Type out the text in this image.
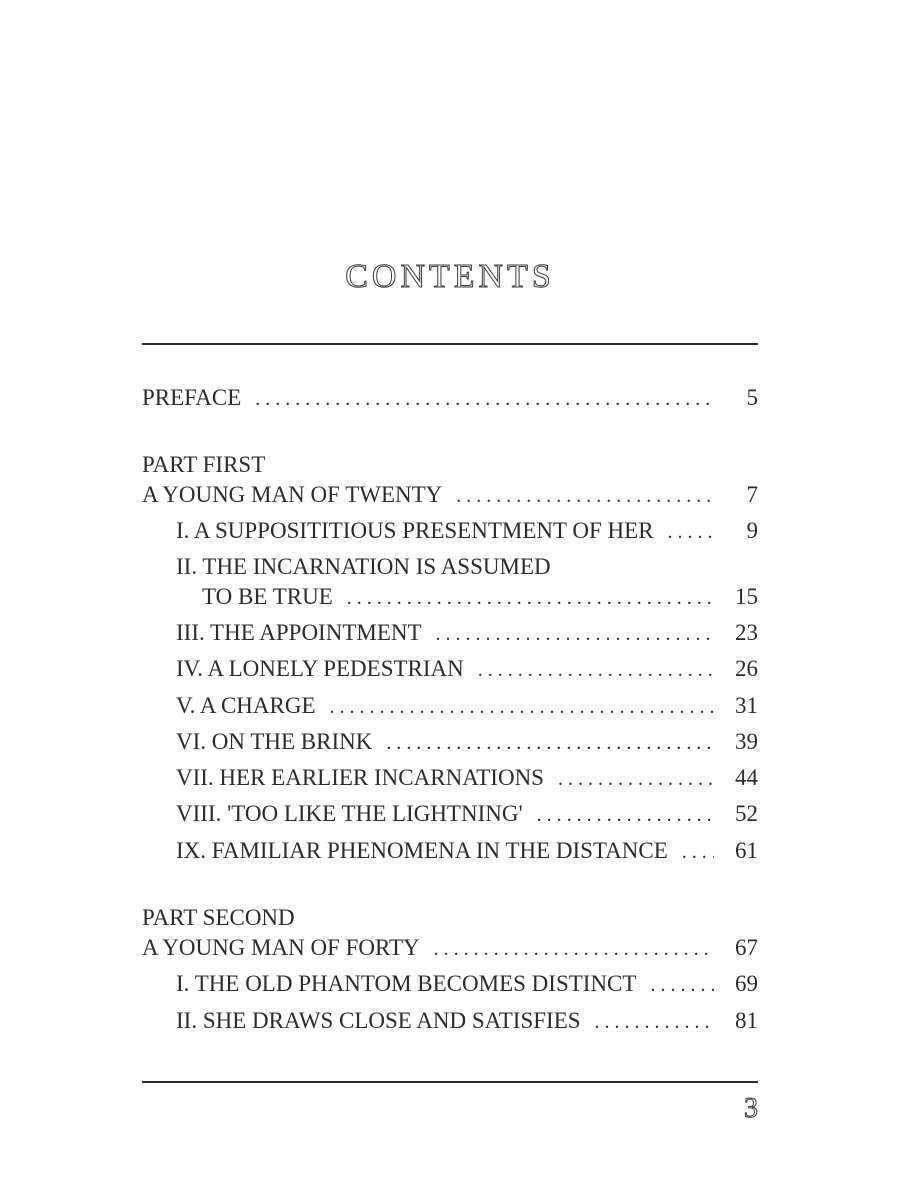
CONTENTS
PREFACE . . .	5
PART FIRST
A YOUNG MAN OF TWENTY . . .	7
I. A SUPPOSITITIOUS PRESENTMENT OF HER . . .	9
II. THE INCARNATION IS ASSUMED
TO BE TRUE . . .	15
III. THE APPOINTMENT . . .	23
IV. A LONELY PEDESTRIAN . . .	26
V. A CHARGE . . .	31
VI. ON THE BRINK . . .	39
VII. HER EARLIER INCARNATIONS . . .	44
VIII. 'TOO LIKE THE LIGHTNING' . . .	52
IX. FAMILIAR PHENOMENA IN THE DISTANCE . . .	61
PART SECOND
A YOUNG MAN OF FORTY . . .	67
I. THE OLD PHANTOM BECOMES DISTINCT . . .	69
II. SHE DRAWS CLOSE AND SATISFIES . . .	81
3
